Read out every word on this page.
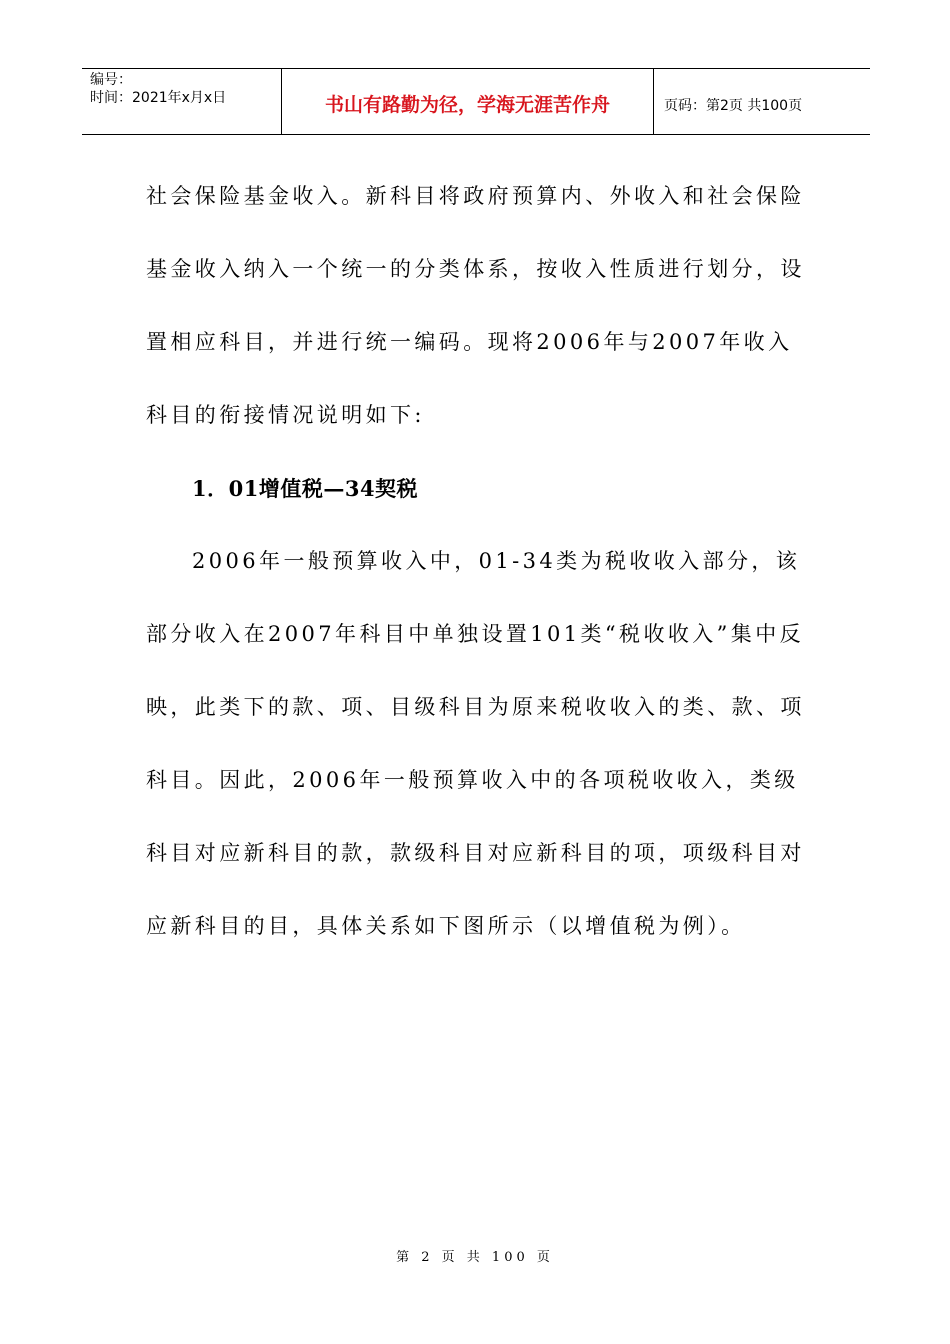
编号：
时间：2021年x月x日	书山有路勤为径，学海无涯苦作舟	页码：第2页 共100页

社会保险基金收入。新科目将政府预算内、外收入和社会保险基金收入纳入一个统一的分类体系，按收入性质进行划分，设置相应科目，并进行统一编码。现将2006年与2007年收入科目的衔接情况说明如下:

1．01增值税—34契税

2006年一般预算收入中，01-34类为税收收入部分，该部分收入在2007年科目中单独设置101类“税收收入”集中反映，此类下的款、项、目级科目为原来税收收入的类、款、项科目。因此，2006年一般预算收入中的各项税收收入，类级科目对应新科目的款，款级科目对应新科目的项，项级科目对应新科目的目，具体关系如下图所示（以增值税为例）。

第 2 页 共 100 页
